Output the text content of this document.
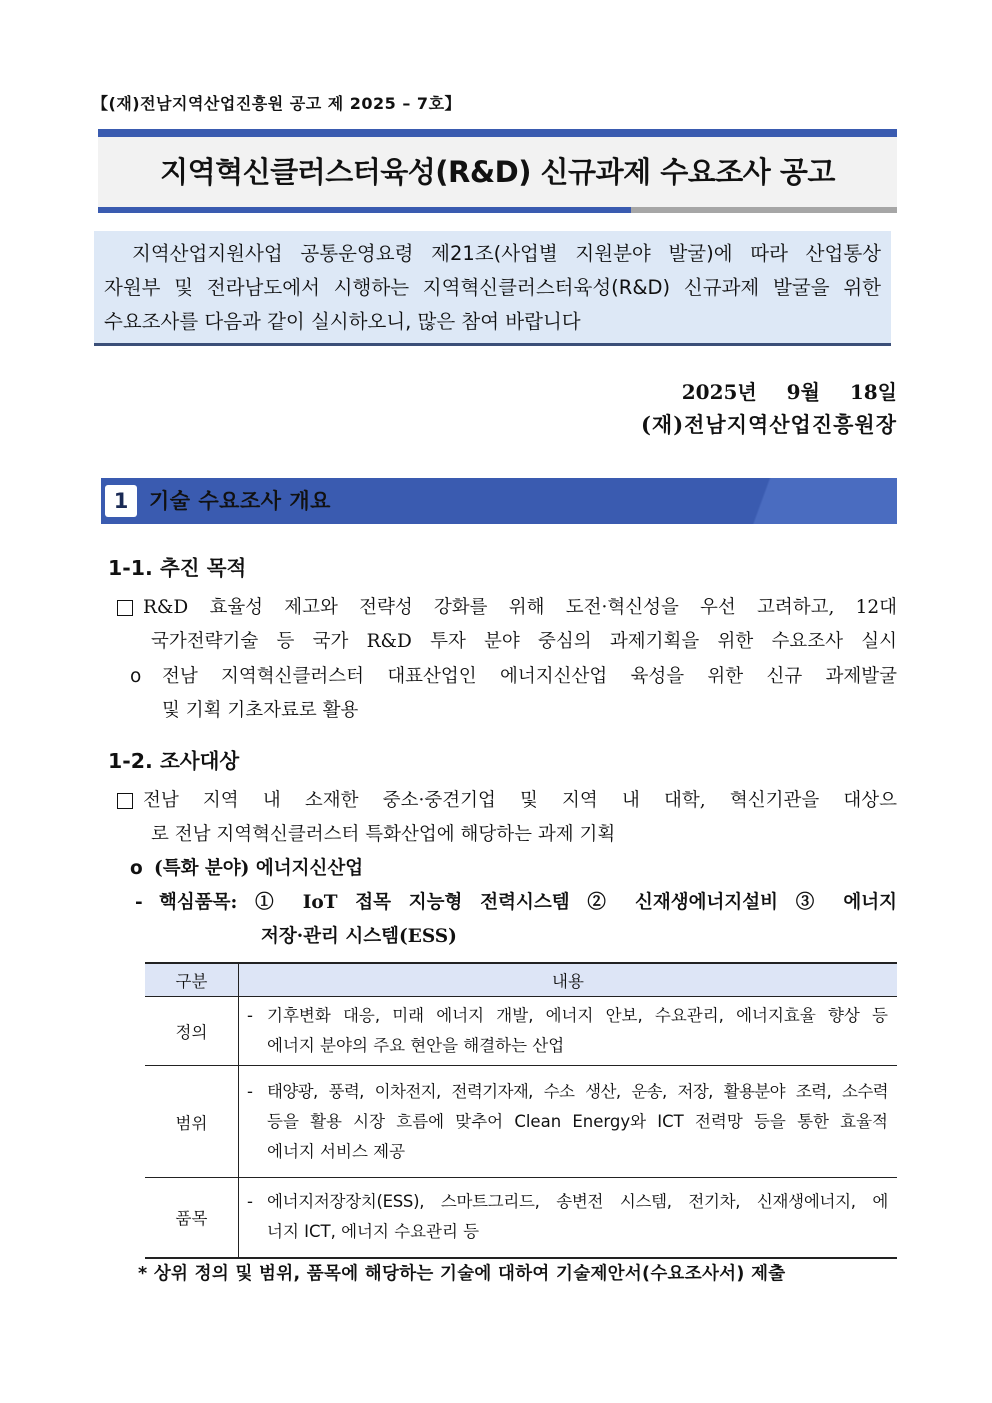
【(재)전남지역산업진흥원 공고 제 2025 – 7호】
지역혁신클러스터육성(R&D) 신규과제 수요조사 공고

지역산업지원사업 공통운영요령 제21조(사업별 지원분야 발굴)에 따라 산업통상

자원부 및 전라남도에서 시행하는 지역혁신클러스터육성(R&D) 신규과제 발굴을 위한

수요조사를 다음과 같이 실시하오니, 많은 참여 바랍니다

2025년  9월  18일
(재)전남지역산업진흥원장
1 기술 수요조사 개요
1-1. 추진 목적
R&D 효율성 제고와 전략성 강화를 위해 도전·혁신성을 우선 고려하고, 12대
국가전략기술 등 국가 R&D 투자 분야 중심의 과제기획을 위한 수요조사 실시
o	전남 지역혁신클러스터 대표산업인 에너지신산업 육성을 위한 신규 과제발굴
및 기획 기초자료로 활용
1-2. 조사대상
전남 지역 내 소재한 중소·중견기업 및 지역 내 대학, 혁신기관을 대상으
로 전남 지역혁신클러스터 특화산업에 해당하는 과제 기획
o (특화 분야) 에너지신산업
- 핵심품목: ① IoT 접목 지능형 전력시스템 ② 신재생에너지설비 ③ 에너지
저장·관리 시스템(ESS)
구분	내용
정의	- 기후변화 대응, 미래 에너지 개발, 에너지 안보, 수요관리, 에너지효율 향상 등
에너지 분야의 주요 현안을 해결하는 산업

범위	- 태양광, 풍력, 이차전지, 전력기자재, 수소 생산, 운송, 저장, 활용분야 조력, 소수력
등을 활용 시장 흐름에 맞추어 Clean Energy와 ICT 전력망 등을 통한 효율적
에너지 서비스 제공

품목	- 에너지저장장치(ESS), 스마트그리드, 송변전 시스템, 전기차, 신재생에너지, 에
너지 ICT, 에너지 수요관리 등
* 상위 정의 및 범위, 품목에 해당하는 기술에 대하여 기술제안서(수요조사서) 제출
